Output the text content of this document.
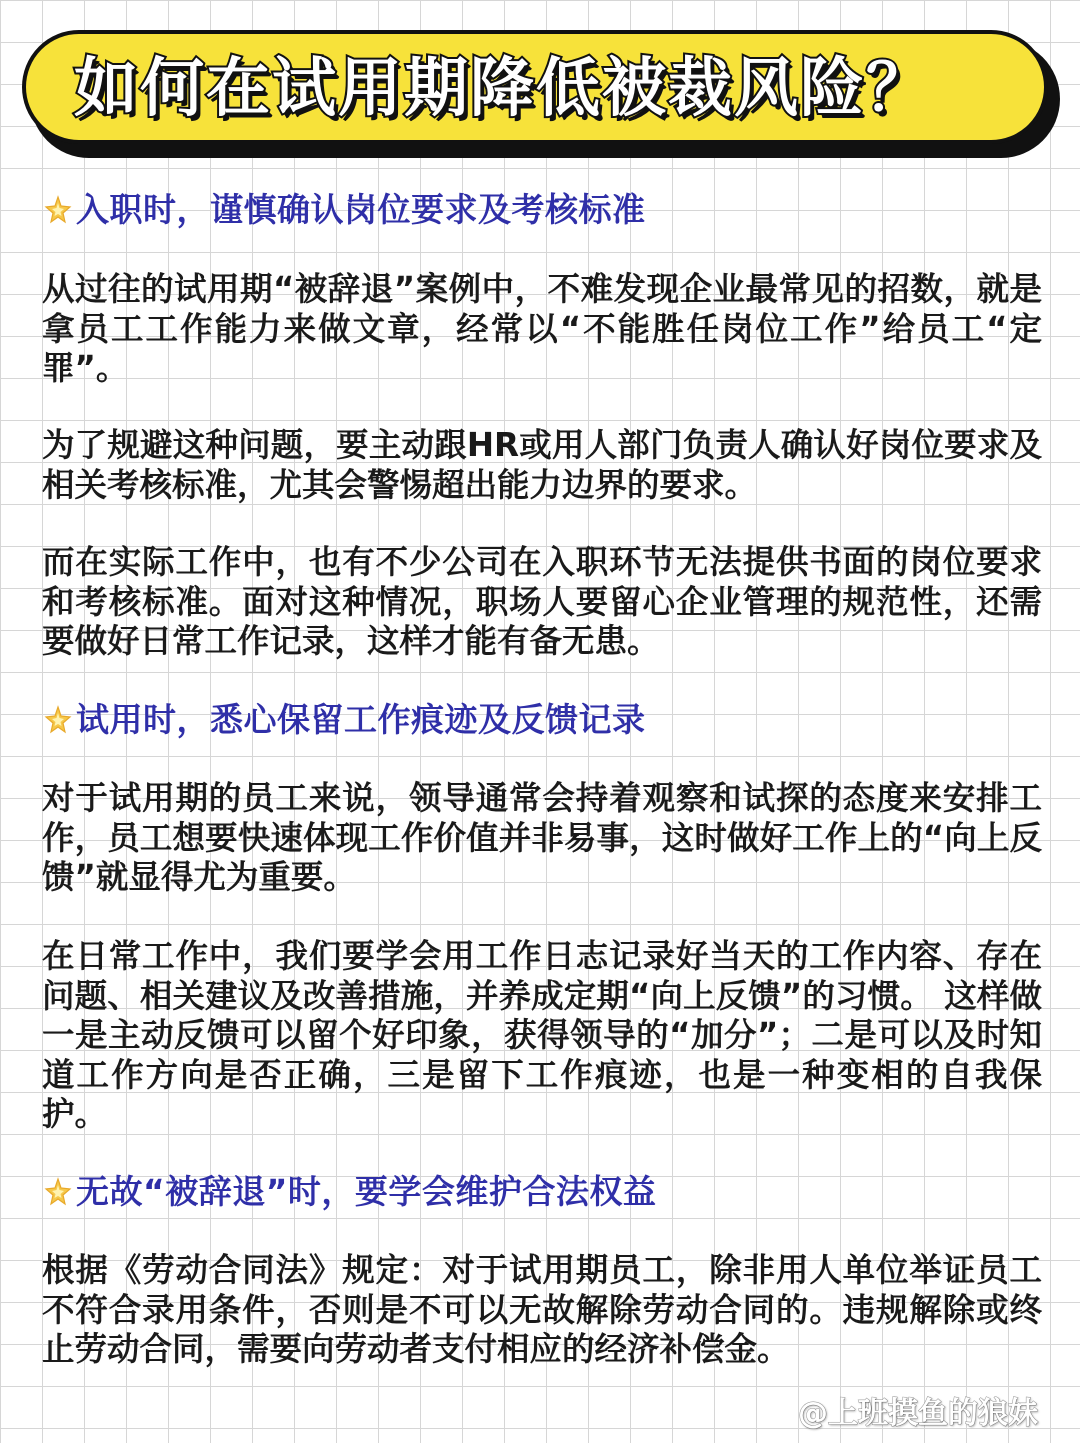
如何在试用期降低被裁风险？
入职时，谨慎确认岗位要求及考核标准

从过往的试用期“被辞退”案例中，不难发现企业最常见的招数，就是拿员工工作能力来做文章，经常以“不能胜任岗位工作”给员工“定罪”。

为了规避这种问题，要主动跟HR或用人部门负责人确认好岗位要求及相关考核标准，尤其会警惕超出能力边界的要求。

而在实际工作中，也有不少公司在入职环节无法提供书面的岗位要求和考核标准。面对这种情况，职场人要留心企业管理的规范性，还需要做好日常工作记录，这样才能有备无患。

试用时，悉心保留工作痕迹及反馈记录

对于试用期的员工来说，领导通常会持着观察和试探的态度来安排工作，员工想要快速体现工作价值并非易事，这时做好工作上的“向上反馈”就显得尤为重要。

在日常工作中，我们要学会用工作日志记录好当天的工作内容、存在问题、相关建议及改善措施，并养成定期“向上反馈”的习惯。 这样做一是主动反馈可以留个好印象，获得领导的“加分”；二是可以及时知道工作方向是否正确，三是留下工作痕迹，也是一种变相的自我保护。

无故“被辞退”时，要学会维护合法权益

根据《劳动合同法》规定：对于试用期员工，除非用人单位举证员工不符合录用条件，否则是不可以无故解除劳动合同的。违规解除或终止劳动合同，需要向劳动者支付相应的经济补偿金。

@上班摸鱼的狼妹
